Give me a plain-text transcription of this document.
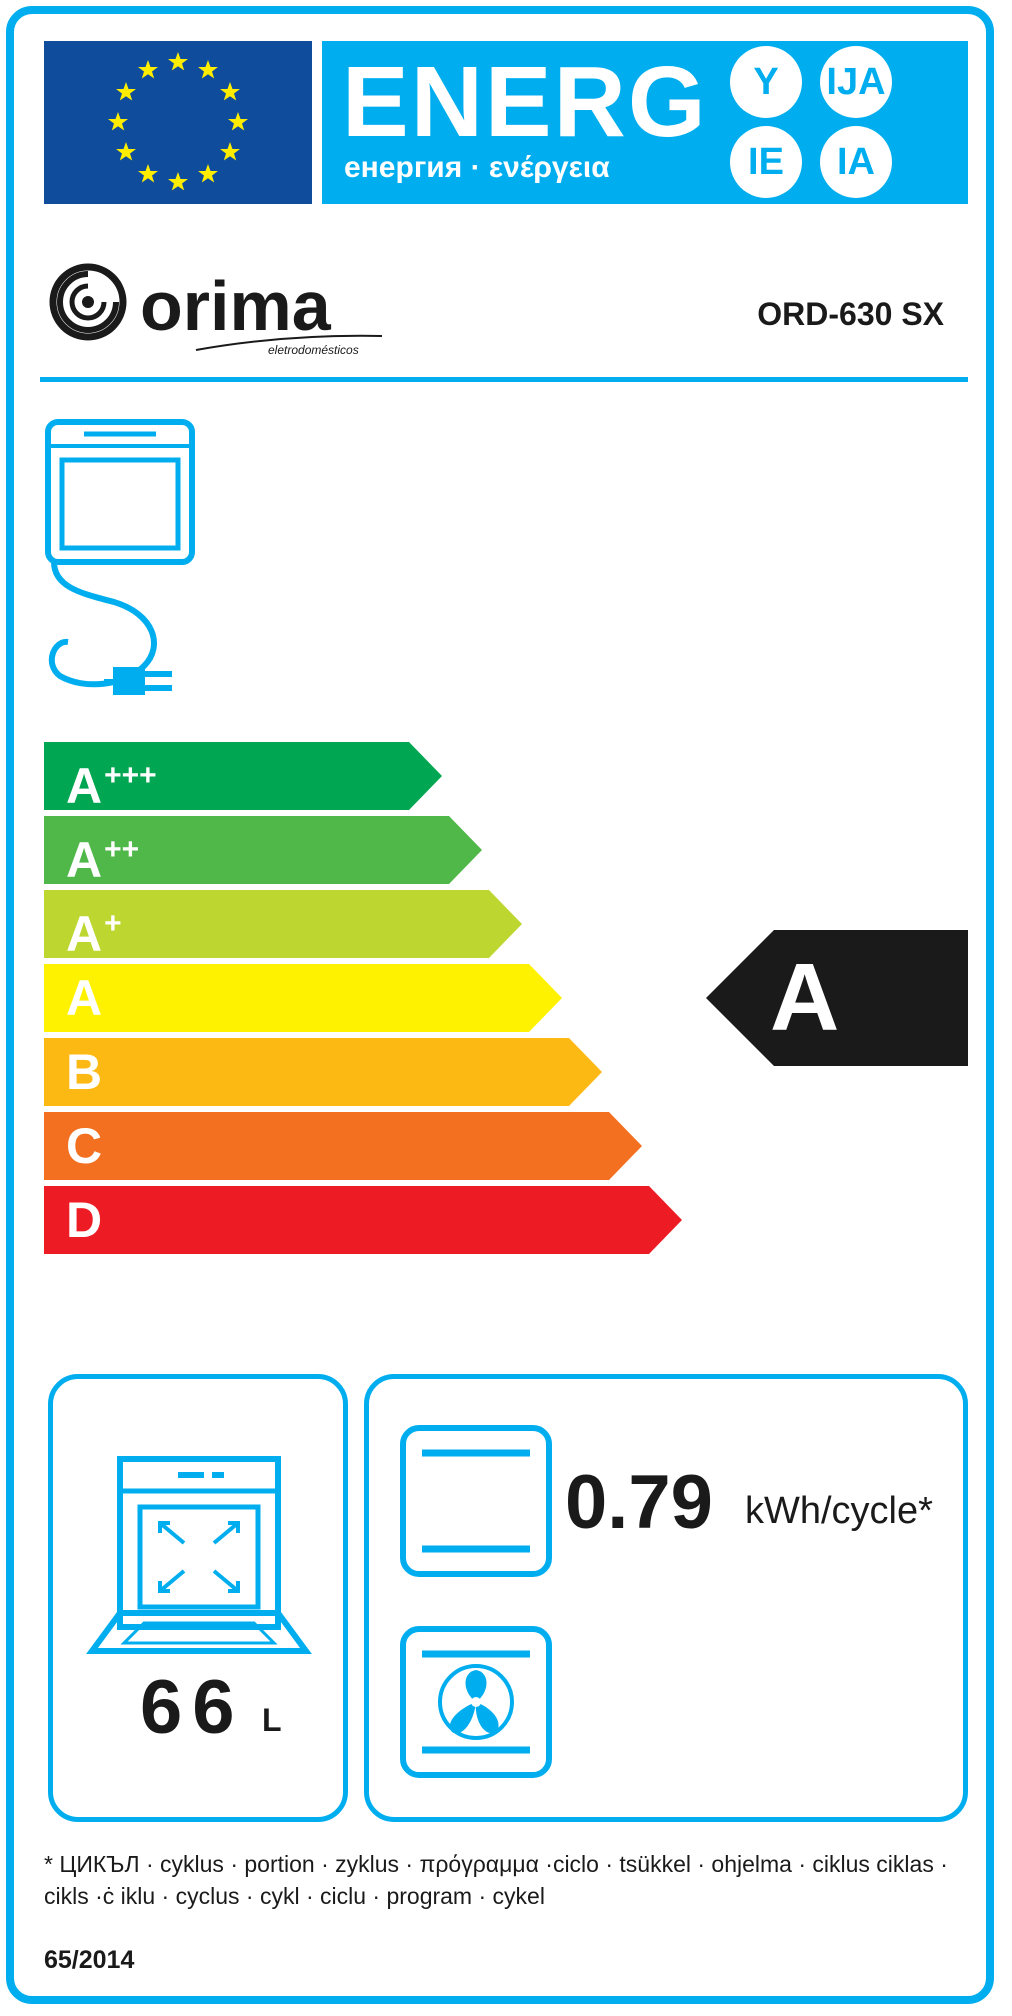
ENERG
енергия · ενέργεια
Y	IJA
IE	IA
orima
eletrodomésticos
ORD-630 SX
A+++
A++
A+
A
B
C
D
A
66 L
0.79 kWh/cycle*
* ЦИКЪЛ · cyklus · portion · zyklus · πρόγραμμα ·ciclo · tsükkel · ohjelma · ciklus ciklas · cikls ·ċ iklu · cyclus · cykl · ciclu · program · cykel
65/2014
